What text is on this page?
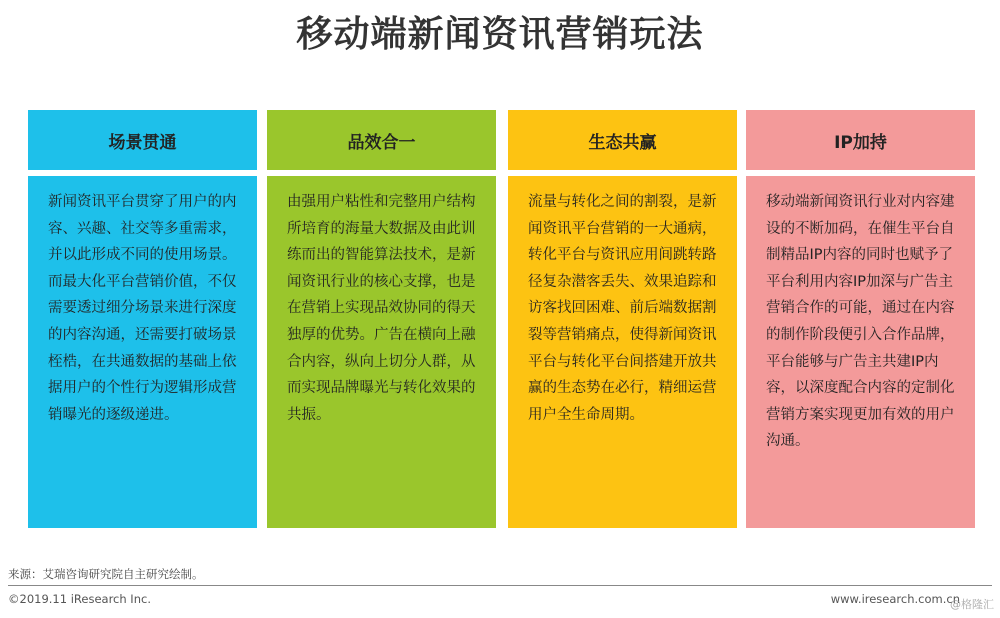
移动端新闻资讯营销玩法
场景贯通
新闻资讯平台贯穿了用户的内容、兴趣、社交等多重需求，并以此形成不同的使用场景。而最大化平台营销价值，不仅需要透过细分场景来进行深度的内容沟通，还需要打破场景桎梏，在共通数据的基础上依据用户的个性行为逻辑形成营销曝光的逐级递进。
品效合一
由强用户粘性和完整用户结构所培育的海量大数据及由此训练而出的智能算法技术，是新闻资讯行业的核心支撑，也是在营销上实现品效协同的得天独厚的优势。广告在横向上融合内容，纵向上切分人群，从而实现品牌曝光与转化效果的共振。
生态共赢
流量与转化之间的割裂，是新闻资讯平台营销的一大通病，转化平台与资讯应用间跳转路径复杂潜客丢失、效果追踪和访客找回困难、前后端数据割裂等营销痛点，使得新闻资讯平台与转化平台间搭建开放共赢的生态势在必行，精细运营用户全生命周期。
IP加持
移动端新闻资讯行业对内容建设的不断加码，在催生平台自制精品IP内容的同时也赋予了平台利用内容IP加深与广告主营销合作的可能，通过在内容的制作阶段便引入合作品牌，平台能够与广告主共建IP内容，以深度配合内容的定制化营销方案实现更加有效的用户沟通。
来源：艾瑞咨询研究院自主研究绘制。
©2019.11 iResearch Inc.	www.iresearch.com.cn
@格隆汇
